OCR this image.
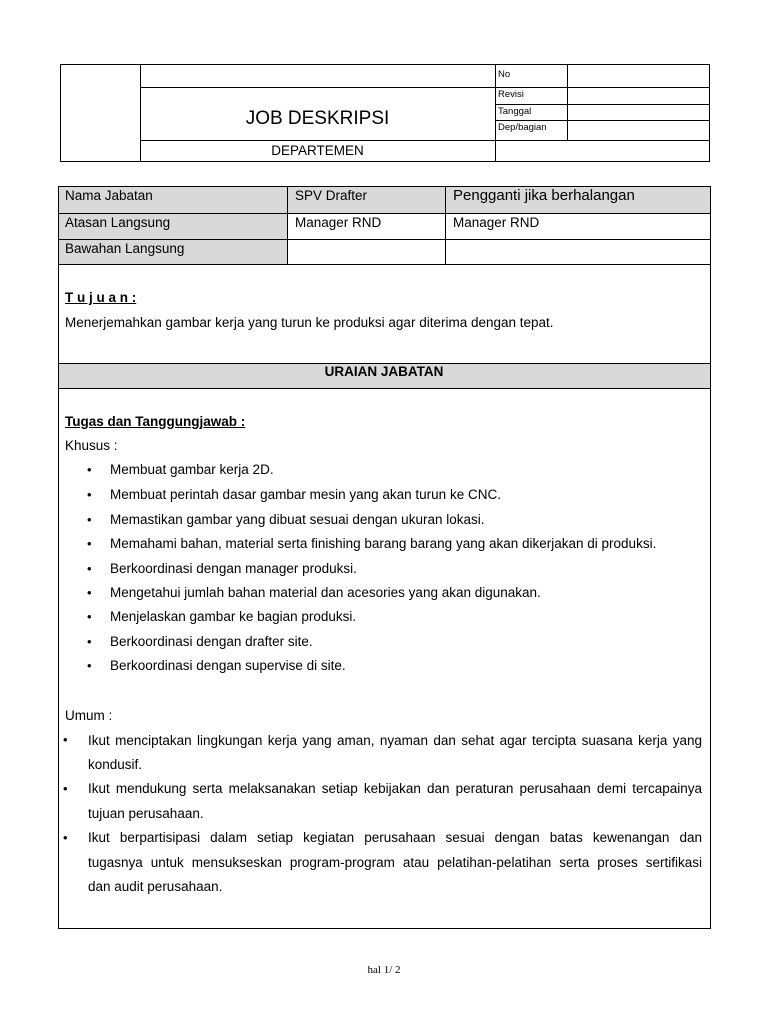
JOB DESKRIPSI
DEPARTEMEN
No
Revisi
Tanggal
Dep/bagian
Nama Jabatan	SPV Drafter	Pengganti jika berhalangan
Atasan Langsung	Manager RND	Manager RND
Bawahan Langsung
T u j u a n :
Menerjemahkan gambar kerja yang turun ke produksi agar diterima dengan tepat.
URAIAN JABATAN
Tugas dan Tanggungjawab :
Khusus :
• Membuat gambar kerja 2D.
• Membuat perintah dasar gambar mesin yang akan turun ke CNC.
• Memastikan gambar yang dibuat sesuai dengan ukuran lokasi.
• Memahami bahan, material serta finishing barang barang yang akan dikerjakan di produksi.
• Berkoordinasi dengan manager produksi.
• Mengetahui jumlah bahan material dan acesories yang akan digunakan.
• Menjelaskan gambar ke bagian produksi.
• Berkoordinasi dengan drafter site.
• Berkoordinasi dengan supervise di site.
Umum :
• Ikut menciptakan lingkungan kerja yang aman, nyaman dan sehat agar tercipta suasana kerja yang
kondusif.
• Ikut mendukung serta melaksanakan setiap kebijakan dan peraturan perusahaan demi tercapainya
tujuan perusahaan.
• Ikut berpartisipasi dalam setiap kegiatan perusahaan sesuai dengan batas kewenangan dan
tugasnya untuk mensukseskan program-program atau pelatihan-pelatihan serta proses sertifikasi
dan audit perusahaan.
hal 1/ 2
